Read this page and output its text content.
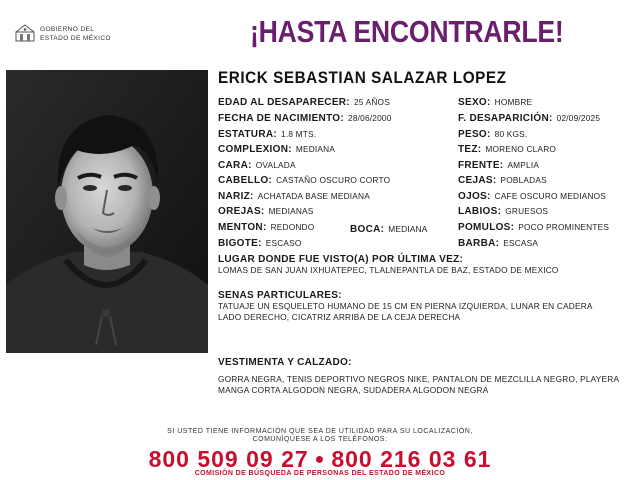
GOBIERNO DEL
ESTADO DE MÉXICO	¡HASTA ENCONTRARLE!
ERICK SEBASTIAN SALAZAR LOPEZ
EDAD AL DESAPARECER: 25 AÑOS
FECHA DE NACIMIENTO: 28/06/2000
ESTATURA: 1.8 MTS.
COMPLEXION: MEDIANA
CARA: OVALADA
CABELLO: CASTAÑO OSCURO CORTO
NARIZ: ACHATADA BASE MEDIANA
OREJAS: MEDIANAS
MENTON: REDONDO	BOCA: MEDIANA
BIGOTE: ESCASO
SEXO: HOMBRE
F. DESAPARICIÓN: 02/09/2025
PESO: 80 KGS.
TEZ: MORENO CLARO
FRENTE: AMPLIA
CEJAS: POBLADAS
OJOS: CAFE OSCURO MEDIANOS
LABIOS: GRUESOS
POMULOS: POCO PROMINENTES
BARBA: ESCASA
LUGAR DONDE FUE VISTO(A) POR ÚLTIMA VEZ:
LOMAS DE SAN JUAN IXHUATEPEC, TLALNEPANTLA DE BAZ, ESTADO DE MEXICO
SENAS PARTICULARES:
TATUAJE UN ESQUELETO HUMANO DE 15 CM EN PIERNA IZQUIERDA, LUNAR EN CADERA LADO DERECHO, CICATRIZ ARRIBA DE LA CEJA DERECHA
VESTIMENTA Y CALZADO:
GORRA NEGRA, TENIS DEPORTIVO NEGROS NIKE, PANTALON DE MEZCLILLA NEGRO, PLAYERA MANGA CORTA ALGODON NEGRA, SUDADERA ALGODON NEGRA
SI USTED TIENE INFORMACIÓN QUE SEA DE UTILIDAD PARA SU LOCALIZACIÓN,
COMUNÍQUESE A LOS TELÉFONOS:
800 509 09 27 ● 800 216 03 61
COMISIÓN DE BÚSQUEDA DE PERSONAS DEL ESTADO DE MÉXICO
